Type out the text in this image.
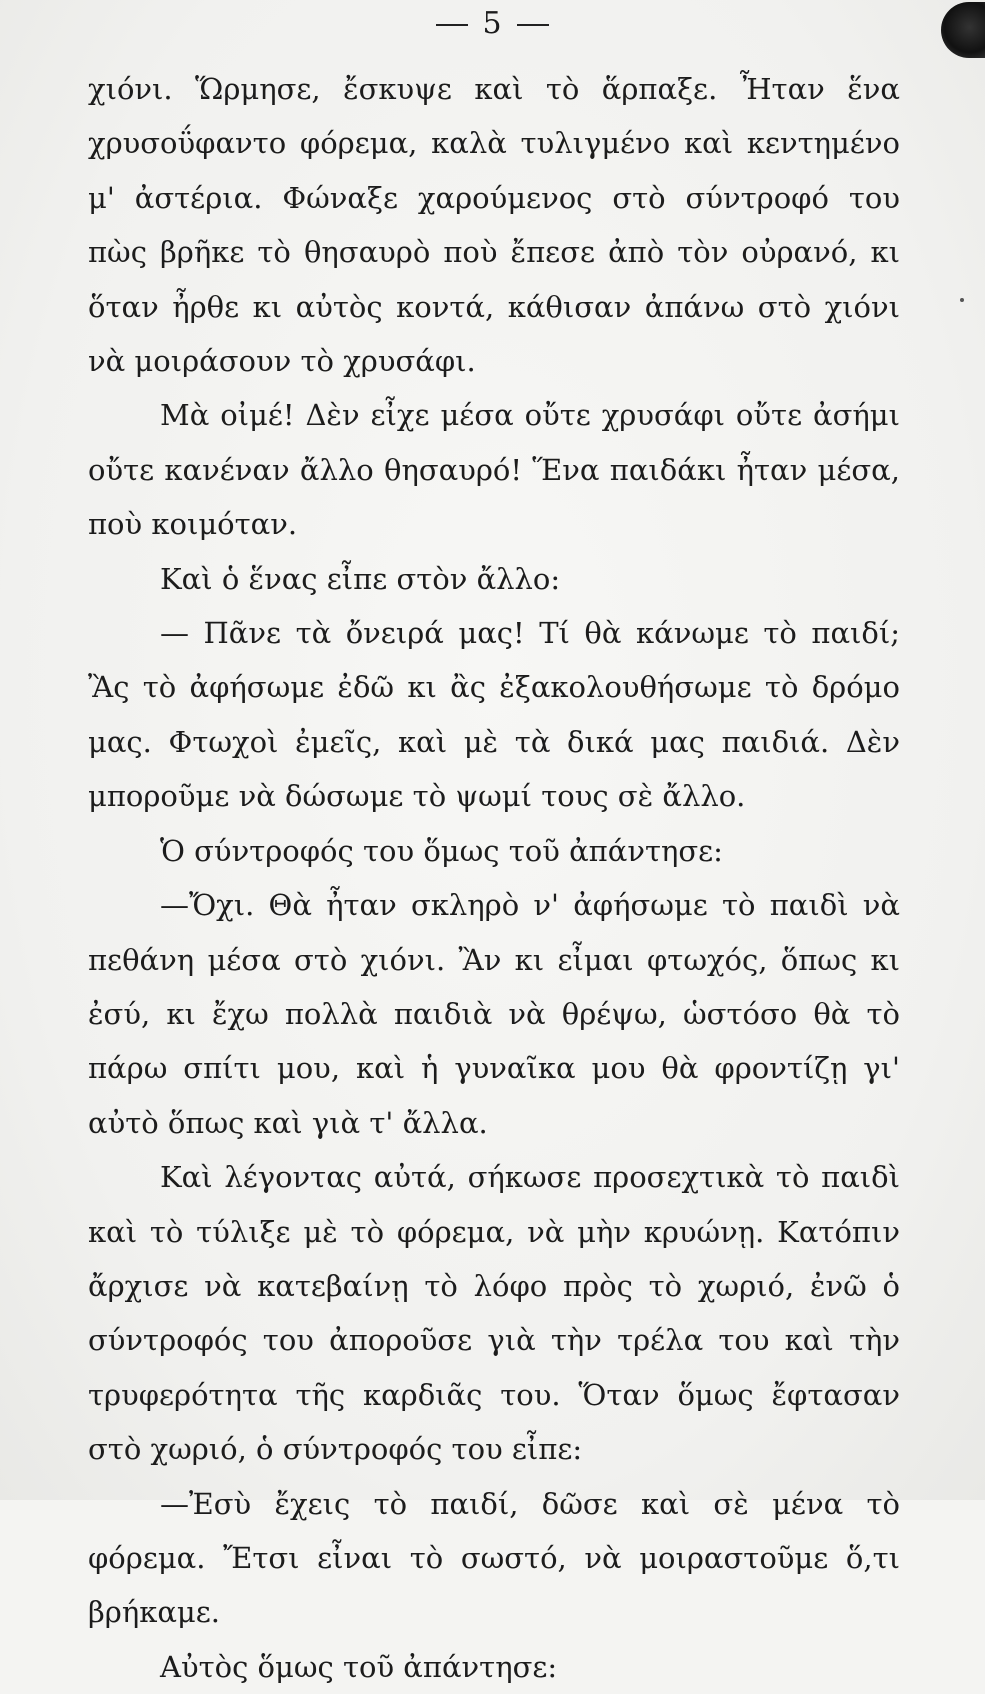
5

χιόνι. Ὥρμησε, ἔσκυψε καὶ τὸ ἅρπαξε. Ἦταν ἕνα χρυσοΰφαντο φόρεμα, καλὰ τυλιγμένο καὶ κεντημένο μ' ἀστέρια. Φώναξε χαρούμενος στὸ σύντροφό του πὼς βρῆκε τὸ θησαυρὸ ποὺ ἔπεσε ἀπὸ τὸν οὐρανό, κι ὅταν ἦρθε κι αὐτὸς κοντά, κάθισαν ἀπάνω στὸ χιόνι νὰ μοιράσουν τὸ χρυσάφι.

Μὰ οἰμέ! Δὲν εἶχε μέσα οὔτε χρυσάφι οὔτε ἀσήμι οὔτε κανέναν ἄλλο θησαυρό! Ἕνα παιδάκι ἦταν μέσα, ποὺ κοιμόταν.

Καὶ ὁ ἕνας εἶπε στὸν ἄλλο:

— Πᾶνε τὰ ὄνειρά μας! Τί θὰ κάνωμε τὸ παιδί; Ἂς τὸ ἀφήσωμε ἐδῶ κι ἂς ἐξακολουθήσωμε τὸ δρόμο μας. Φτωχοὶ ἐμεῖς, καὶ μὲ τὰ δικά μας παιδιά. Δὲν μποροῦμε νὰ δώσωμε τὸ ψωμί τους σὲ ἄλλο.

Ὁ σύντροφός του ὅμως τοῦ ἀπάντησε:

—Ὄχι. Θὰ ἦταν σκληρὸ ν' ἀφήσωμε τὸ παιδὶ νὰ πεθάνη μέσα στὸ χιόνι. Ἂν κι εἶμαι φτωχός, ὅπως κι ἐσύ, κι ἔχω πολλὰ παιδιὰ νὰ θρέψω, ὡστόσο θὰ τὸ πάρω σπίτι μου, καὶ ἡ γυναῖκα μου θὰ φροντίζῃ γι' αὐτὸ ὅπως καὶ γιὰ τ' ἄλλα.

Καὶ λέγοντας αὐτά, σήκωσε προσεχτικὰ τὸ παιδὶ καὶ τὸ τύλιξε μὲ τὸ φόρεμα, νὰ μὴν κρυώνῃ. Κατόπιν ἄρχισε νὰ κατεβαίνῃ τὸ λόφο πρὸς τὸ χωριό, ἐνῶ ὁ σύντροφός του ἀποροῦσε γιὰ τὴν τρέλα του καὶ τὴν τρυφερότητα τῆς καρδιᾶς του. Ὅταν ὅμως ἔφτασαν στὸ χωριό, ὁ σύντροφός του εἶπε:

—Ἐσὺ ἔχεις τὸ παιδί, δῶσε καὶ σὲ μένα τὸ φόρεμα. Ἔτσι εἶναι τὸ σωστό, νὰ μοιραστοῦμε ὅ,τι βρήκαμε.

Αὐτὸς ὅμως τοῦ ἀπάντησε:
